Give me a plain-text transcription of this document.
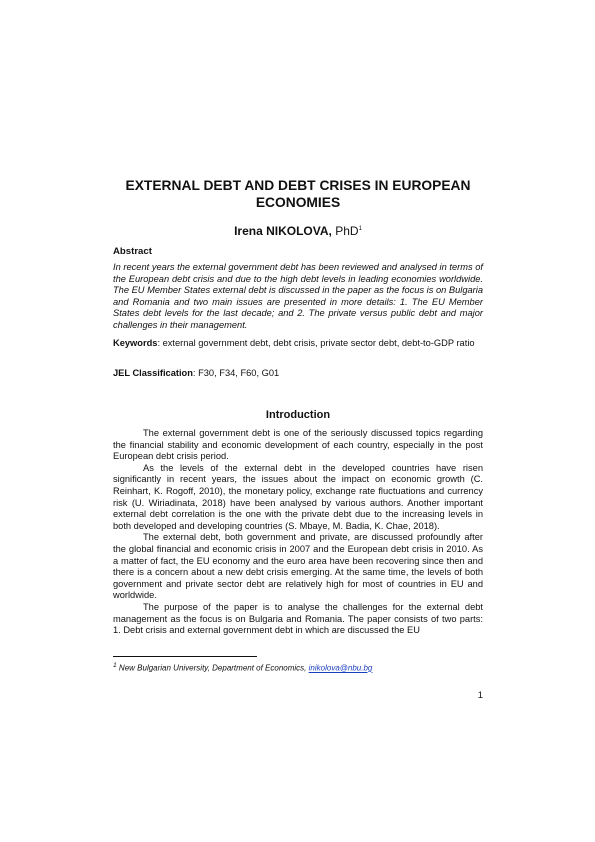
EXTERNAL DEBT AND DEBT CRISES IN EUROPEAN ECONOMIES
Irena NIKOLOVA, PhD$^1$
Abstract

In recent years the external government debt has been reviewed and analysed in terms of the European debt crisis and due to the high debt levels in leading economies worldwide. The EU Member States external debt is discussed in the paper as the focus is on Bulgaria and Romania and two main issues are presented in more details: 1. The EU Member States debt levels for the last decade; and 2. The private versus public debt and major challenges in their management.

Keywords: external government debt, debt crisis, private sector debt, debt-to-GDP ratio

JEL Classification: F30, F34, F60, G01

Introduction

The external government debt is one of the seriously discussed topics regarding the financial stability and economic development of each country, especially in the post European debt crisis period.

As the levels of the external debt in the developed countries have risen significantly in recent years, the issues about the impact on economic growth (C. Reinhart, K. Rogoff, 2010), the monetary policy, exchange rate fluctuations and currency risk (U. Wiriadinata, 2018) have been analysed by various authors. Another important external debt correlation is the one with the private debt due to the increasing levels in both developed and developing countries (S. Mbaye, M. Badia, K. Chae, 2018).

The external debt, both government and private, are discussed profoundly after the global financial and economic crisis in 2007 and the European debt crisis in 2010. As a matter of fact, the EU economy and the euro area have been recovering since then and there is a concern about a new debt crisis emerging. At the same time, the levels of both government and private sector debt are relatively high for most of countries in EU and worldwide.

The purpose of the paper is to analyse the challenges for the external debt management as the focus is on Bulgaria and Romania. The paper consists of two parts: 1. Debt crisis and external government debt in which are discussed the EU

$^1$ New Bulgarian University, Department of Economics, inikolova@nbu.bg
1
